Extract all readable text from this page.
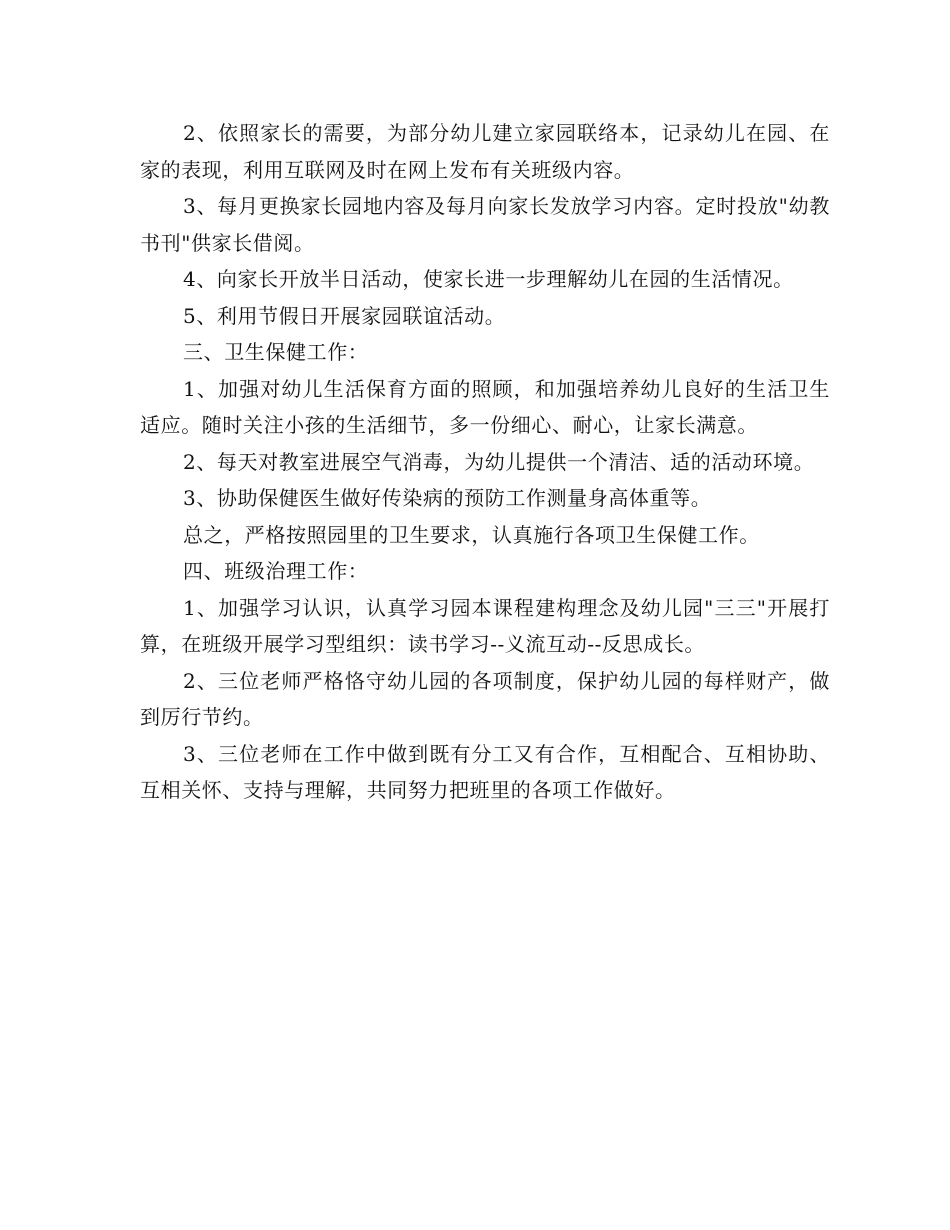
2、依照家长的需要，为部分幼儿建立家园联络本，记录幼儿在园、在家的表现，利用互联网及时在网上发布有关班级内容。

3、每月更换家长园地内容及每月向家长发放学习内容。定时投放"幼教书刊"供家长借阅。

4、向家长开放半日活动，使家长进一步理解幼儿在园的生活情况。

5、利用节假日开展家园联谊活动。

三、卫生保健工作：

1、加强对幼儿生活保育方面的照顾，和加强培养幼儿良好的生活卫生适应。随时关注小孩的生活细节，多一份细心、耐心，让家长满意。

2、每天对教室进展空气消毒，为幼儿提供一个清洁、适的活动环境。

3、协助保健医生做好传染病的预防工作测量身高体重等。

总之，严格按照园里的卫生要求，认真施行各项卫生保健工作。

四、班级治理工作：

1、加强学习认识，认真学习园本课程建构理念及幼儿园"三三"开展打算，在班级开展学习型组织：读书学习--义流互动--反思成长。

2、三位老师严格恪守幼儿园的各项制度，保护幼儿园的每样财产，做到厉行节约。

3、三位老师在工作中做到既有分工又有合作，互相配合、互相协助、互相关怀、支持与理解，共同努力把班里的各项工作做好。
